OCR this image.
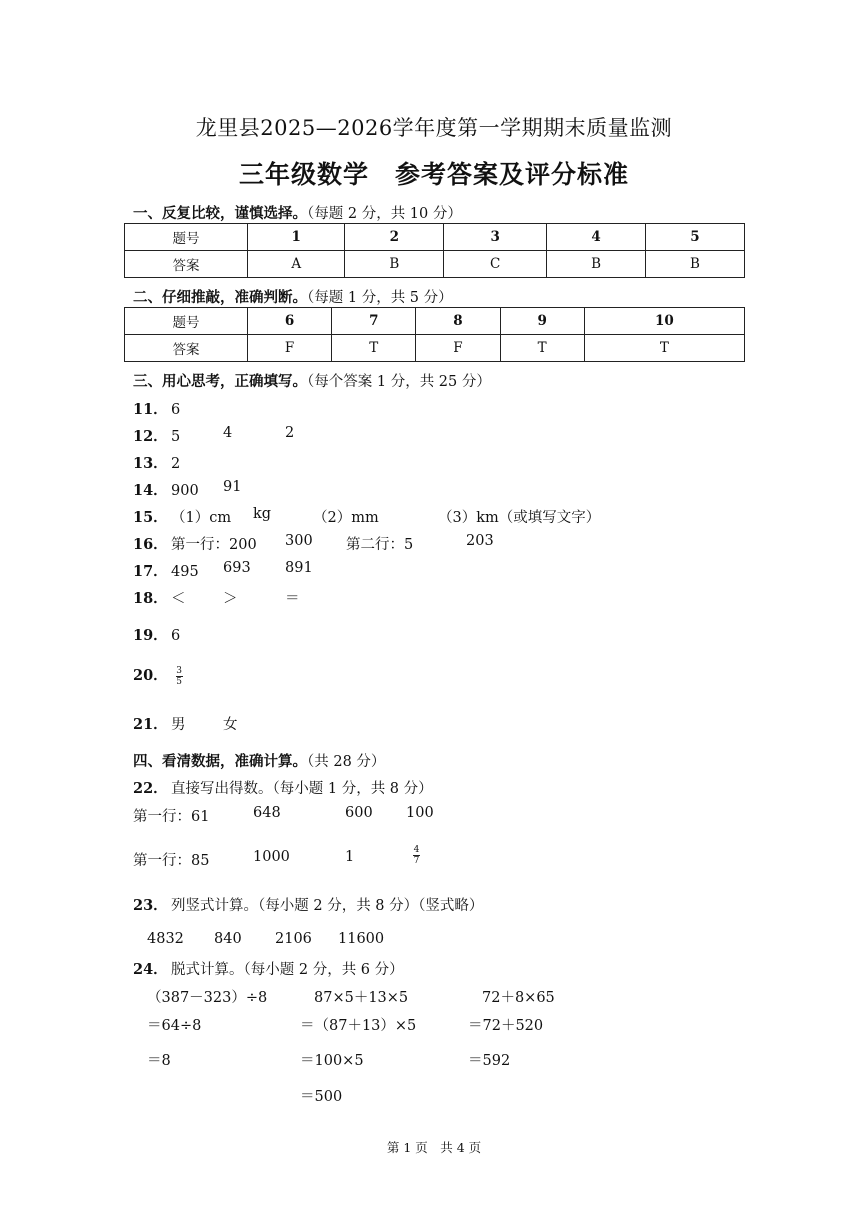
龙里县2025—2026学年度第一学期期末质量监测
三年级数学　参考答案及评分标准
一、反复比较，谨慎选择。（每题 2 分，共 10 分）
题号	1	2	3	4	5
答案	A	B	C	B	B
二、仔细推敲，准确判断。（每题 1 分，共 5 分）
题号	6	7	8	9	10
答案	F	T	F	T	T
三、用心思考，正确填写。（每个答案 1 分，共 25 分）
11． 6
12． 5	4	2
13． 2
14． 900 91
15． （1）cm kg	（2）mm	（3）km（或填写文字）
16． 第一行：200 300 第二行：5	203
17． 495 693 891
18． ＜	＞	＝
19． 6
20． $\frac{3}{5}$
21． 男	女
四、看清数据，准确计算。（共 28 分）
22． 直接写出得数。（每小题 1 分，共 8 分）
第一行：61	648	600 100
第一行：85	1000	1	4
7
23． 列竖式计算。（每小题 2 分，共 8 分）（竖式略）
4832 840 2106 11600
24． 脱式计算。（每小题 2 分，共 6 分）
（387－323）÷8
＝64÷8
＝8
87×5＋13×5
＝（87＋13）×5
＝100×5
＝500
72＋8×65
＝72＋520
＝592
第 1 页　共 4 页
